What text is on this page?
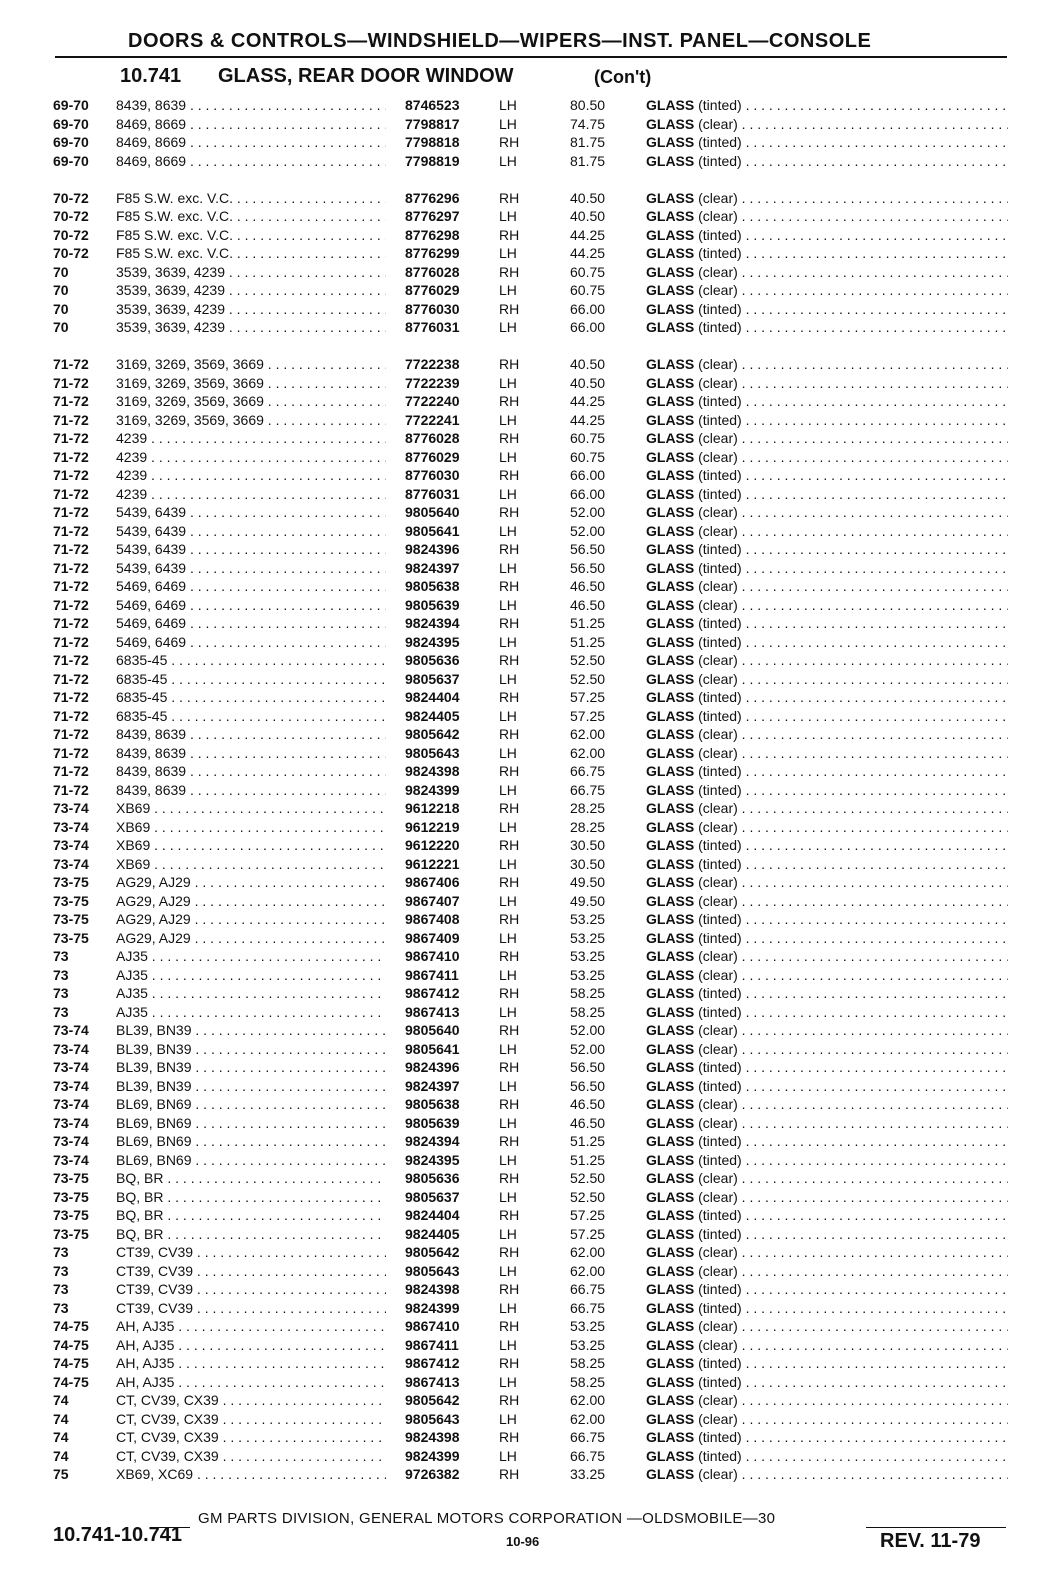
DOORS & CONTROLS—WINDSHIELD—WIPERS—INST. PANEL—CONSOLE
10.741 GLASS, REAR DOOR WINDOW	(Con't)
69-70 8439, 8639 . . .	8746523	LH	80.50	GLASS (tinted) . . .
69-70 8469, 8669 . . .	7798817	LH	74.75	GLASS (clear) . . .
69-70 8469, 8669 . . .	7798818	RH	81.75	GLASS (tinted) . . .
69-70 8469, 8669 . . .	7798819	LH	81.75	GLASS (tinted) . . .
70-72 F85 S.W. exc. V.C. . . .	8776296	RH	40.50	GLASS (clear) . . .
70-72 F85 S.W. exc. V.C. . . .	8776297	LH	40.50	GLASS (clear) . . .
70-72 F85 S.W. exc. V.C. . . .	8776298	RH	44.25	GLASS (tinted) . . .
70-72 F85 S.W. exc. V.C. . . .	8776299	LH	44.25	GLASS (tinted) . . .
70	3539, 3639, 4239 . . .	8776028	RH	60.75	GLASS (clear) . . .
70	3539, 3639, 4239 . . .	8776029	LH	60.75	GLASS (clear) . . .
70	3539, 3639, 4239 . . .	8776030	RH	66.00	GLASS (tinted) . . .
70	3539, 3639, 4239 . . .	8776031	LH	66.00	GLASS (tinted) . . .
71-72 3169, 3269, 3569, 3669 . . .	7722238	RH	40.50	GLASS (clear) . . .
71-72 3169, 3269, 3569, 3669 . . .	7722239	LH	40.50	GLASS (clear) . . .
71-72 3169, 3269, 3569, 3669 . . .	7722240	RH	44.25	GLASS (tinted) . . .
71-72 3169, 3269, 3569, 3669 . . .	7722241	LH	44.25	GLASS (tinted) . . .
71-72 4239 . . .	8776028	RH	60.75	GLASS (clear) . . .
71-72 4239 . . .	8776029	LH	60.75	GLASS (clear) . . .
71-72 4239 . . .	8776030	RH	66.00	GLASS (tinted) . . .
71-72 4239 . . .	8776031	LH	66.00	GLASS (tinted) . . .
71-72 5439, 6439 . . .	9805640	RH	52.00	GLASS (clear) . . .
71-72 5439, 6439 . . .	9805641	LH	52.00	GLASS (clear) . . .
71-72 5439, 6439 . . .	9824396	RH	56.50	GLASS (tinted) . . .
71-72 5439, 6439 . . .	9824397	LH	56.50	GLASS (tinted) . . .
71-72 5469, 6469 . . .	9805638	RH	46.50	GLASS (clear) . . .
71-72 5469, 6469 . . .	9805639	LH	46.50	GLASS (clear) . . .
71-72 5469, 6469 . . .	9824394	RH	51.25	GLASS (tinted) . . .
71-72 5469, 6469 . . .	9824395	LH	51.25	GLASS (tinted) . . .
71-72 6835-45 . . .	9805636	RH	52.50	GLASS (clear) . . .
71-72 6835-45 . . .	9805637	LH	52.50	GLASS (clear) . . .
71-72 6835-45 . . .	9824404	RH	57.25	GLASS (tinted) . . .
71-72 6835-45 . . .	9824405	LH	57.25	GLASS (tinted) . . .
71-72 8439, 8639 . . .	9805642	RH	62.00	GLASS (clear) . . .
71-72 8439, 8639 . . .	9805643	LH	62.00	GLASS (clear) . . .
71-72 8439, 8639 . . .	9824398	RH	66.75	GLASS (tinted) . . .
71-72 8439, 8639 . . .	9824399	LH	66.75	GLASS (tinted) . . .
73-74 XB69 . . .	9612218	RH	28.25	GLASS (clear) . . .
73-74 XB69 . . .	9612219	LH	28.25	GLASS (clear) . . .
73-74 XB69 . . .	9612220	RH	30.50	GLASS (tinted) . . .
73-74 XB69 . . .	9612221	LH	30.50	GLASS (tinted) . . .
73-75 AG29, AJ29 . . .	9867406	RH	49.50	GLASS (clear) . . .
73-75 AG29, AJ29 . . .	9867407	LH	49.50	GLASS (clear) . . .
73-75 AG29, AJ29 . . .	9867408	RH	53.25	GLASS (tinted) . . .
73-75 AG29, AJ29 . . .	9867409	LH	53.25	GLASS (tinted) . . .
73	AJ35 . . .	9867410	RH	53.25	GLASS (clear) . . .
73	AJ35 . . .	9867411	LH	53.25	GLASS (clear) . . .
73	AJ35 . . .	9867412	RH	58.25	GLASS (tinted) . . .
73	AJ35 . . .	9867413	LH	58.25	GLASS (tinted) . . .
73-74 BL39, BN39 . . .	9805640	RH	52.00	GLASS (clear) . . .
73-74 BL39, BN39 . . .	9805641	LH	52.00	GLASS (clear) . . .
73-74 BL39, BN39 . . .	9824396	RH	56.50	GLASS (tinted) . . .
73-74 BL39, BN39 . . .	9824397	LH	56.50	GLASS (tinted) . . .
73-74 BL69, BN69 . . .	9805638	RH	46.50	GLASS (clear) . . .
73-74 BL69, BN69 . . .	9805639	LH	46.50	GLASS (clear) . . .
73-74 BL69, BN69 . . .	9824394	RH	51.25	GLASS (tinted) . . .
73-74 BL69, BN69 . . .	9824395	LH	51.25	GLASS (tinted) . . .
73-75 BQ, BR . . .	9805636	RH	52.50	GLASS (clear) . . .
73-75 BQ, BR . . .	9805637	LH	52.50	GLASS (clear) . . .
73-75 BQ, BR . . .	9824404	RH	57.25	GLASS (tinted) . . .
73-75 BQ, BR . . .	9824405	LH	57.25	GLASS (tinted) . . .
73	CT39, CV39 . . .	9805642	RH	62.00	GLASS (clear) . . .
73	CT39, CV39 . . .	9805643	LH	62.00	GLASS (clear) . . .
73	CT39, CV39 . . .	9824398	RH	66.75	GLASS (tinted) . . .
73	CT39, CV39 . . .	9824399	LH	66.75	GLASS (tinted) . . .
74-75 AH, AJ35 . . .	9867410	RH	53.25	GLASS (clear) . . .
74-75 AH, AJ35 . . .	9867411	LH	53.25	GLASS (clear) . . .
74-75 AH, AJ35 . . .	9867412	RH	58.25	GLASS (tinted) . . .
74-75 AH, AJ35 . . .	9867413	LH	58.25	GLASS (tinted) . . .
74	CT, CV39, CX39 . . .	9805642	RH	62.00	GLASS (clear) . . .
74	CT, CV39, CX39 . . .	9805643	LH	62.00	GLASS (clear) . . .
74	CT, CV39, CX39 . . .	9824398	RH	66.75	GLASS (tinted) . . .
74	CT, CV39, CX39 . . .	9824399	LH	66.75	GLASS (tinted) . . .
75	XB69, XC69 . . .	9726382	RH	33.25	GLASS (clear) . . .
GM PARTS DIVISION, GENERAL MOTORS CORPORATION —OLDSMOBILE—30
10.741-10.741	10-96	REV. 11-79
